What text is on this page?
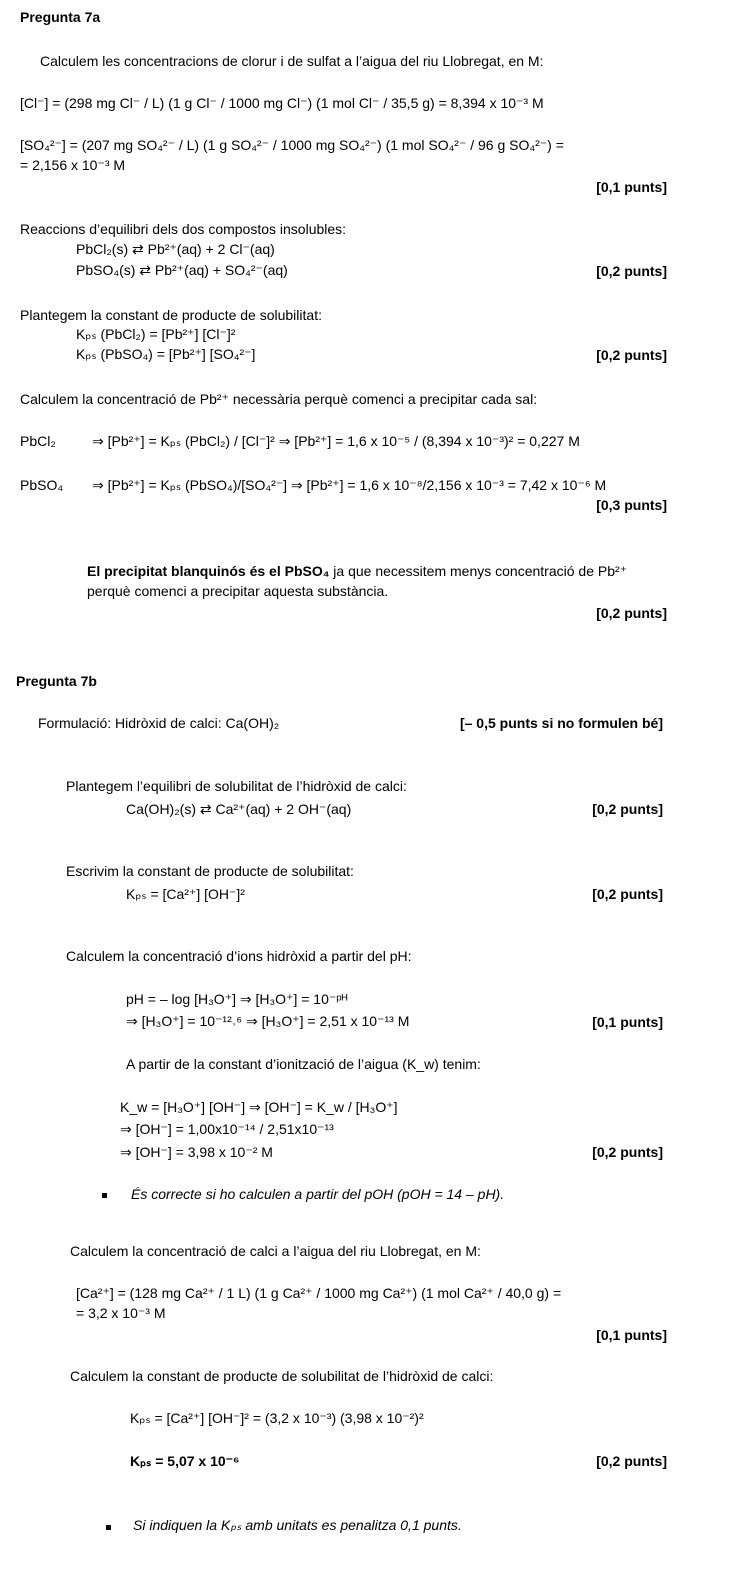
Pregunta 7a
Calculem les concentracions de clorur i de sulfat a l’aigua del riu Llobregat, en M:
[Cl⁻] = (298 mg Cl⁻ / L) (1 g Cl⁻ / 1000 mg Cl⁻) (1 mol Cl⁻ / 35,5 g) = 8,394 x 10⁻³ M
[SO₄²⁻] = (207 mg SO₄²⁻ / L) (1 g SO₄²⁻ / 1000 mg SO₄²⁻) (1 mol SO₄²⁻ / 96 g SO₄²⁻) =
= 2,156 x 10⁻³ M
[0,1 punts]
Reaccions d’equilibri dels dos compostos insolubles:
PbCl₂(s) ⇄ Pb²⁺(aq) + 2 Cl⁻(aq)
PbSO₄(s) ⇄ Pb²⁺(aq) + SO₄²⁻(aq)	[0,2 punts]
Plantegem la constant de producte de solubilitat:
Kₚₛ (PbCl₂) = [Pb²⁺] [Cl⁻]²
Kₚₛ (PbSO₄) = [Pb²⁺] [SO₄²⁻]	[0,2 punts]
Calculem la concentració de Pb²⁺ necessària perquè comenci a precipitar cada sal:
PbCl₂	⇒ [Pb²⁺] = Kₚₛ (PbCl₂) / [Cl⁻]² ⇒ [Pb²⁺] = 1,6 x 10⁻⁵ / (8,394 x 10⁻³)² = 0,227 M
PbSO₄ ⇒ [Pb²⁺] = Kₚₛ (PbSO₄)/[SO₄²⁻] ⇒ [Pb²⁺] = 1,6 x 10⁻⁸/2,156 x 10⁻³ = 7,42 x 10⁻⁶ M
[0,3 punts]
El precipitat blanquinós és el PbSO₄ ja que necessitem menys concentració de Pb²⁺
perquè comenci a precipitar aquesta substància.
[0,2 punts]
Pregunta 7b
Formulació: Hidròxid de calci: Ca(OH)₂	[– 0,5 punts si no formulen bé]
Plantegem l’equilibri de solubilitat de l’hidròxid de calci:
Ca(OH)₂(s) ⇄ Ca²⁺(aq) + 2 OH⁻(aq)	[0,2 punts]
Escrivim la constant de producte de solubilitat:
Kₚₛ = [Ca²⁺] [OH⁻]²	[0,2 punts]
Calculem la concentració d’ions hidròxid a partir del pH:
pH = – log [H₃O⁺] ⇒ [H₃O⁺] = 10⁻ᵖᴴ
⇒ [H₃O⁺] = 10⁻¹²˒⁶ ⇒ [H₃O⁺] = 2,51 x 10⁻¹³ M	[0,1 punts]
A partir de la constant d’ionització de l’aigua (K_w) tenim:
K_w = [H₃O⁺] [OH⁻] ⇒ [OH⁻] = K_w / [H₃O⁺]
⇒ [OH⁻] = 1,00x10⁻¹⁴ / 2,51x10⁻¹³
⇒ [OH⁻] = 3,98 x 10⁻² M	[0,2 punts]
És correcte si ho calculen a partir del pOH (pOH = 14 – pH).
Calculem la concentració de calci a l’aigua del riu Llobregat, en M:
[Ca²⁺] = (128 mg Ca²⁺ / 1 L) (1 g Ca²⁺ / 1000 mg Ca²⁺) (1 mol Ca²⁺ / 40,0 g) =
= 3,2 x 10⁻³ M
[0,1 punts]
Calculem la constant de producte de solubilitat de l’hidròxid de calci:
Kₚₛ = [Ca²⁺] [OH⁻]² = (3,2 x 10⁻³) (3,98 x 10⁻²)²
Kₚₛ = 5,07 x 10⁻⁶	[0,2 punts]
Si indiquen la Kₚₛ amb unitats es penalitza 0,1 punts.
